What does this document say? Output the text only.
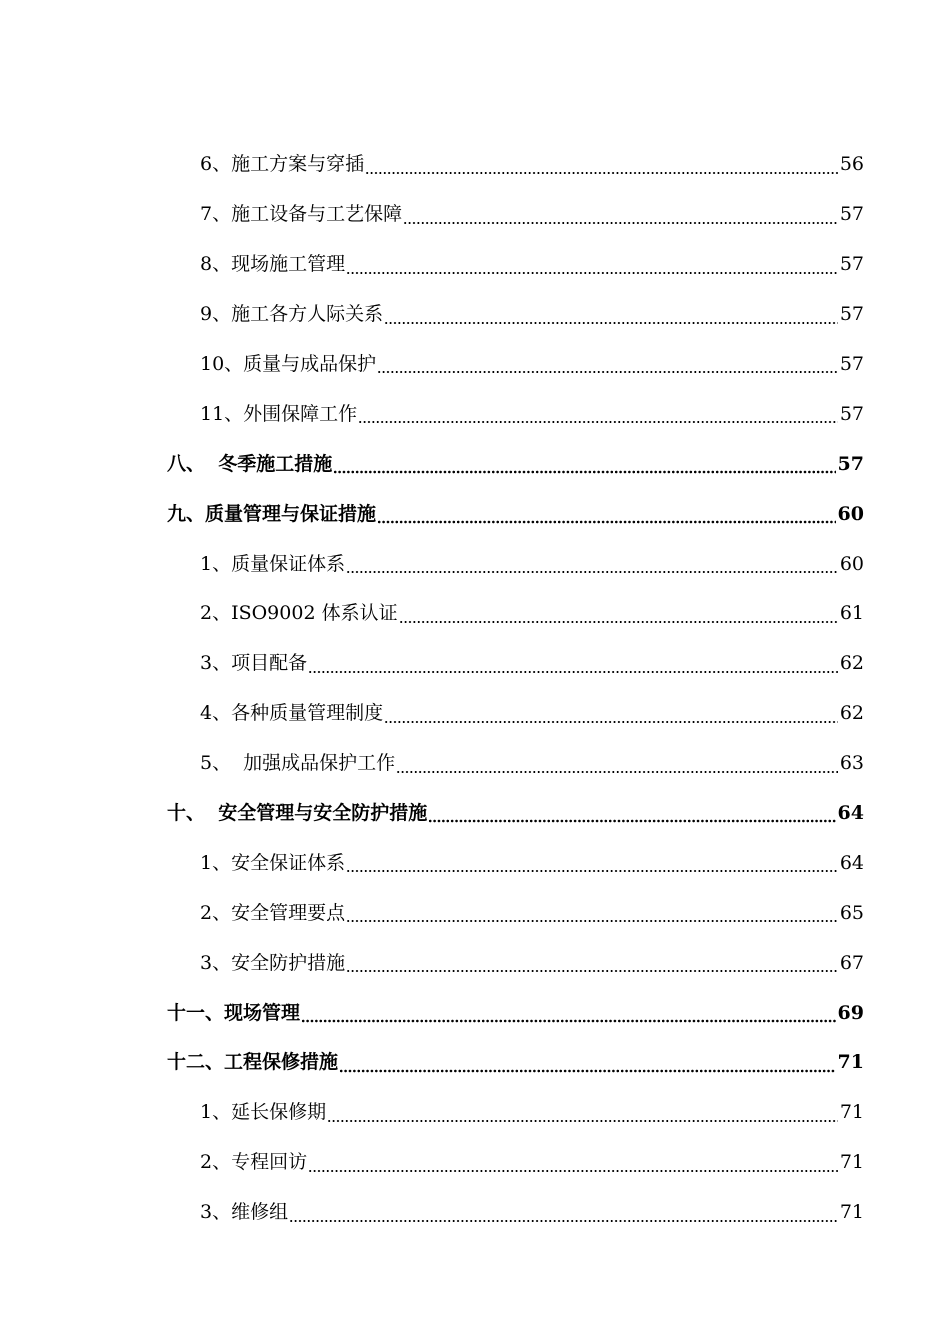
6、施工方案与穿插	56
7、施工设备与工艺保障	57
8、现场施工管理	57
9、施工各方人际关系	57
10、质量与成品保护	57
11、外围保障工作	57
八、  冬季施工措施	57
九、质量管理与保证措施	60
1、质量保证体系	60
2、ISO9002 体系认证	61
3、项目配备	62
4、各种质量管理制度	62
5、  加强成品保护工作	63
十、  安全管理与安全防护措施	64
1、安全保证体系	64
2、安全管理要点	65
3、安全防护措施	67
十一、现场管理	69
十二、工程保修措施	71
1、延长保修期	71
2、专程回访	71
3、维修组	71
